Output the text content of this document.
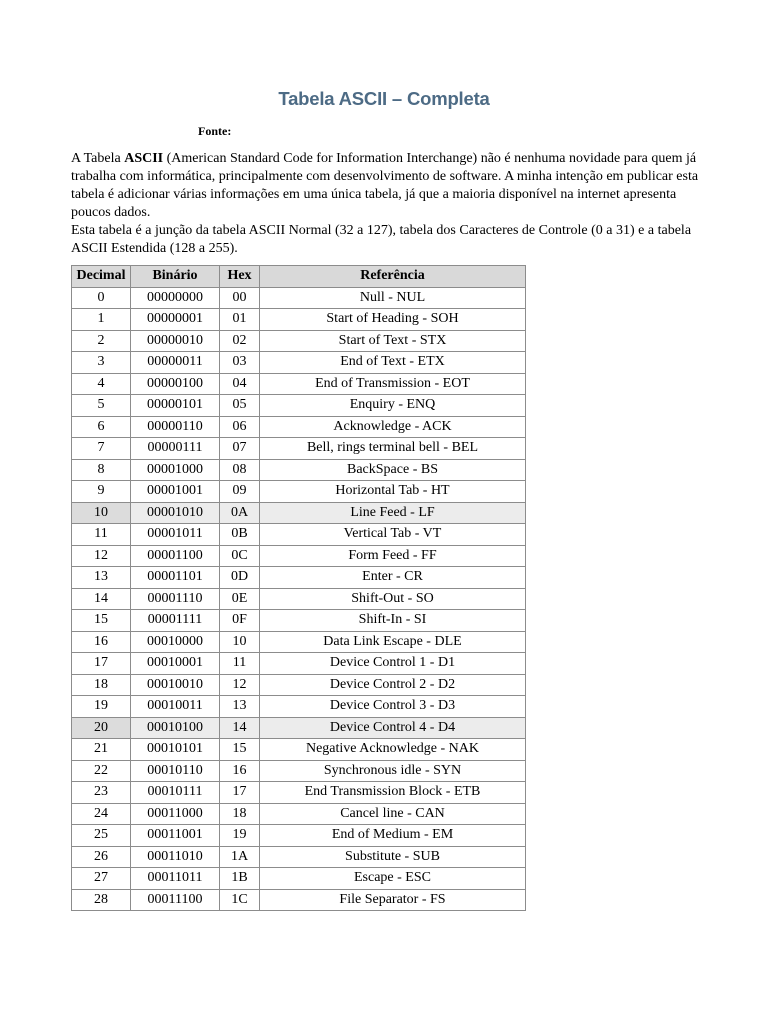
Tabela ASCII – Completa
Fonte:

A Tabela ASCII (American Standard Code for Information Interchange) não é nenhuma novidade para quem já trabalha com informática, principalmente com desenvolvimento de software. A minha intenção em publicar esta tabela é adicionar várias informações em uma única tabela, já que a maioria disponível na internet apresenta poucos dados.

Esta tabela é a junção da tabela ASCII Normal (32 a 127), tabela dos Caracteres de Controle (0 a 31) e a tabela ASCII Estendida (128 a 255).

Decimal	Binário	Hex	Referência
0	00000000	00	Null - NUL
1	00000001	01	Start of Heading - SOH
2	00000010	02	Start of Text - STX
3	00000011	03	End of Text - ETX
4	00000100	04	End of Transmission - EOT
5	00000101	05	Enquiry - ENQ
6	00000110	06	Acknowledge - ACK
7	00000111	07	Bell, rings terminal bell - BEL
8	00001000	08	BackSpace - BS
9	00001001	09	Horizontal Tab - HT
10	00001010	0A	Line Feed - LF
11	00001011	0B	Vertical Tab - VT
12	00001100	0C	Form Feed - FF
13	00001101	0D	Enter - CR
14	00001110	0E	Shift-Out - SO
15	00001111	0F	Shift-In - SI
16	00010000	10	Data Link Escape - DLE
17	00010001	11	Device Control 1 - D1
18	00010010	12	Device Control 2 - D2
19	00010011	13	Device Control 3 - D3
20	00010100	14	Device Control 4 - D4
21	00010101	15	Negative Acknowledge - NAK
22	00010110	16	Synchronous idle - SYN
23	00010111	17	End Transmission Block - ETB
24	00011000	18	Cancel line - CAN
25	00011001	19	End of Medium - EM
26	00011010	1A	Substitute - SUB
27	00011011	1B	Escape - ESC
28	00011100	1C	File Separator - FS
